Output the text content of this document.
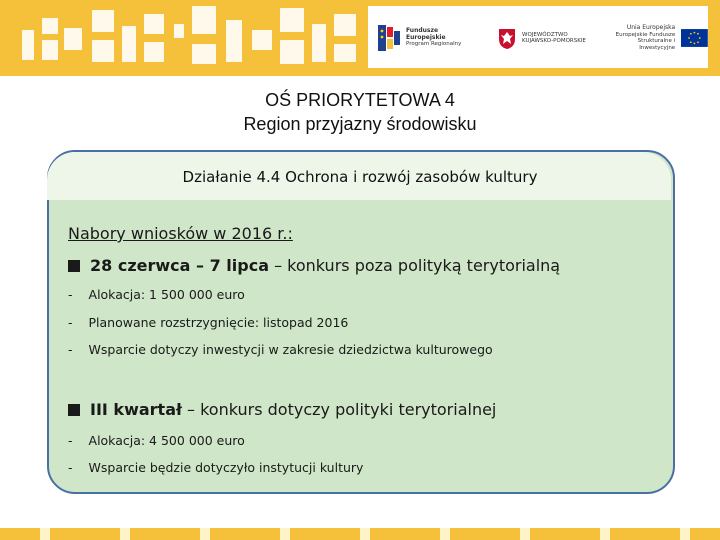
Fundusze
Europejskie
Program Regionalny
WOJEWÓDZTWO
KUJAWSKO-POMORSKIE
Unia Europejska
Europejskie Fundusze
Strukturalne i Inwestycyjne
OŚ PRIORYTETOWA 4
Region przyjazny środowisku
Działanie 4.4 Ochrona i rozwój zasobów kultury
Nabory wniosków w 2016 r.:
28 czerwca – 7 lipca – konkurs poza polityką terytorialną
- Alokacja: 1 500 000 euro
- Planowane rozstrzygnięcie: listopad 2016
- Wsparcie dotyczy inwestycji w zakresie dziedzictwa kulturowego
III kwartał – konkurs dotyczy polityki terytorialnej
- Alokacja: 4 500 000 euro
- Wsparcie będzie dotyczyło instytucji kultury
